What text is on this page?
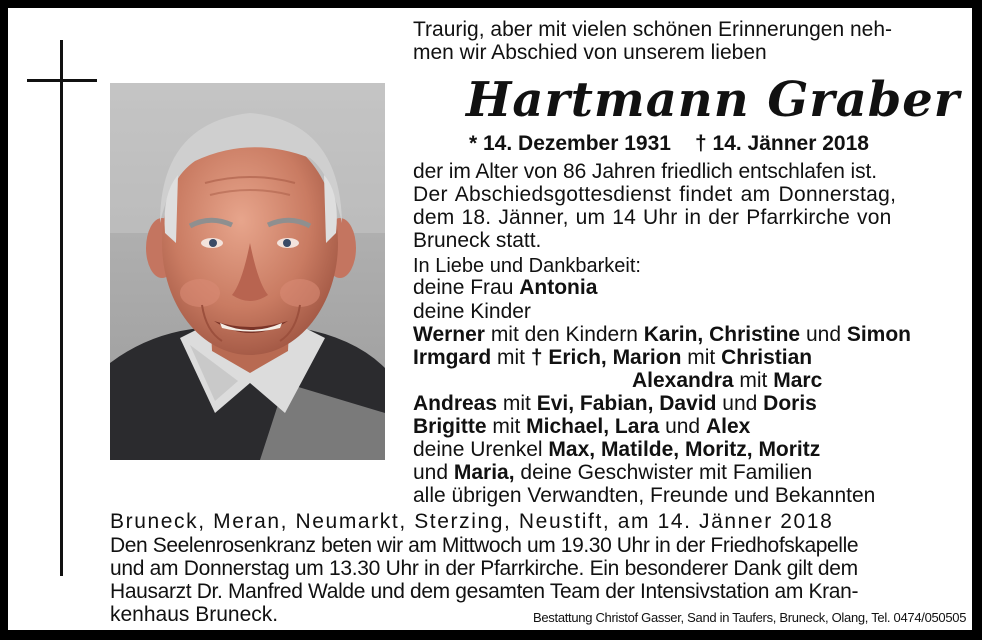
Traurig, aber mit vielen schönen Erinnerungen neh-
men wir Abschied von unserem lieben
Hartmann Graber
* 14. Dezember 1931 † 14. Jänner 2018
der im Alter von 86 Jahren friedlich entschlafen ist.
Der Abschiedsgottesdienst findet am Donnerstag,
dem 18. Jänner, um 14 Uhr in der Pfarrkirche von
Bruneck statt.
In Liebe und Dankbarkeit:
deine Frau Antonia
deine Kinder
Werner mit den Kindern Karin, Christine und Simon
Irmgard mit † Erich, Marion mit Christian
Alexandra mit Marc
Andreas mit Evi, Fabian, David und Doris
Brigitte mit Michael, Lara und Alex
deine Urenkel Max, Matilde, Moritz, Moritz
und Maria, deine Geschwister mit Familien
alle übrigen Verwandten, Freunde und Bekannten
Bruneck, Meran, Neumarkt, Sterzing, Neustift, am 14. Jänner 2018
Den Seelenrosenkranz beten wir am Mittwoch um 19.30 Uhr in der Friedhofskapelle
und am Donnerstag um 13.30 Uhr in der Pfarrkirche. Ein besonderer Dank gilt dem
Hausarzt Dr. Manfred Walde und dem gesamten Team der Intensivstation am Kran-
kenhaus Bruneck.	Bestattung Christof Gasser, Sand in Taufers, Bruneck, Olang, Tel. 0474/050505
